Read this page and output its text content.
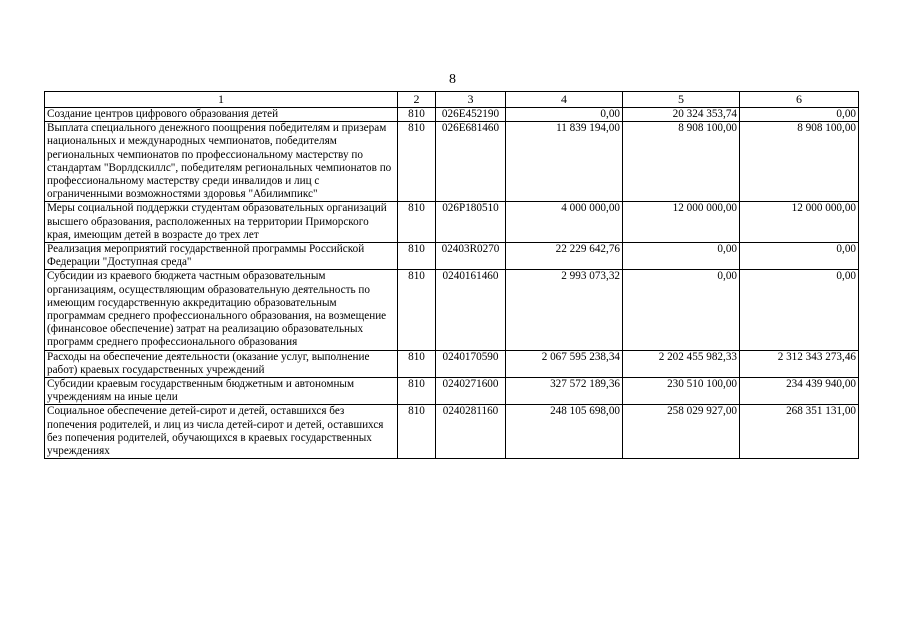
8
1	2	3	4	5	6
Создание центров цифрового образования детей	810	026E452190	0,00	20 324 353,74	0,00
Выплата специального денежного поощрения победителям и призерам национальных и международных чемпионатов, победителям региональных чемпионатов по профессиональному мастерству по стандартам "Ворлдскиллс", победителям региональных чемпионатов по профессиональному мастерству среди инвалидов и лиц с ограниченными возможностями здоровья "Абилимпикс"	810	026E681460	11 839 194,00	8 908 100,00	8 908 100,00
Меры социальной поддержки студентам образовательных организаций высшего образования, расположенных на территории Приморского края, имеющим детей в возрасте до трех лет	810	026P180510	4 000 000,00	12 000 000,00	12 000 000,00
Реализация мероприятий государственной программы Российской Федерации "Доступная среда"	810	02403R0270	22 229 642,76	0,00	0,00
Субсидии из краевого бюджета частным образовательным организациям, осуществляющим образовательную деятельность по имеющим государственную аккредитацию образовательным программам среднего профессионального образования, на возмещение (финансовое обеспечение) затрат на реализацию образовательных программ среднего профессионального образования	810	0240161460	2 993 073,32	0,00	0,00
Расходы на обеспечение деятельности (оказание услуг, выполнение работ) краевых государственных учреждений	810	0240170590	2 067 595 238,34	2 202 455 982,33	2 312 343 273,46
Субсидии краевым государственным бюджетным и автономным учреждениям на иные цели	810	0240271600	327 572 189,36	230 510 100,00	234 439 940,00
Социальное обеспечение детей-сирот и детей, оставшихся без попечения родителей, и лиц из числа детей-сирот и детей, оставшихся без попечения родителей, обучающихся в краевых государственных учреждениях	810	0240281160	248 105 698,00	258 029 927,00	268 351 131,00
